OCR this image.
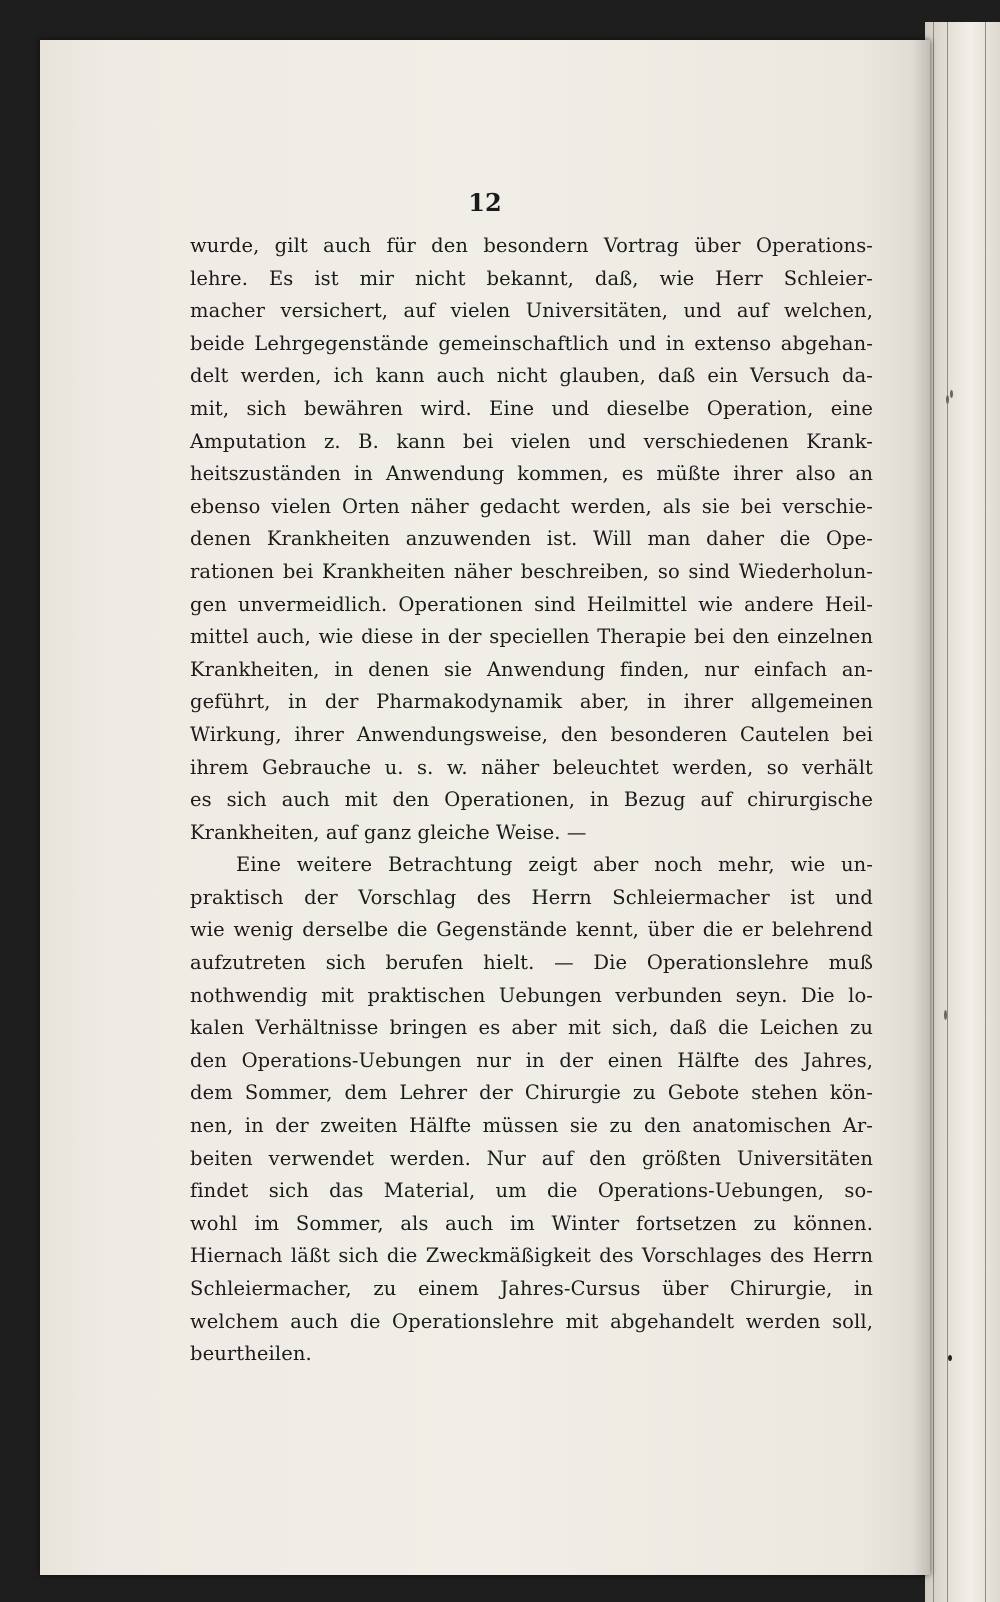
12
wurde, gilt auch für den besondern Vortrag über Operations-
lehre. Es ist mir nicht bekannt, daß, wie Herr Schleier-
macher versichert, auf vielen Universitäten, und auf welchen,
beide Lehrgegenstände gemeinschaftlich und in extenso abgehan-
delt werden, ich kann auch nicht glauben, daß ein Versuch da-
mit, sich bewähren wird. Eine und dieselbe Operation, eine
Amputation z. B. kann bei vielen und verschiedenen Krank-
heitszuständen in Anwendung kommen, es müßte ihrer also an
ebenso vielen Orten näher gedacht werden, als sie bei verschie-
denen Krankheiten anzuwenden ist. Will man daher die Ope-
rationen bei Krankheiten näher beschreiben, so sind Wiederholun-
gen unvermeidlich. Operationen sind Heilmittel wie andere Heil-
mittel auch, wie diese in der speciellen Therapie bei den einzelnen
Krankheiten, in denen sie Anwendung finden, nur einfach an-
geführt, in der Pharmakodynamik aber, in ihrer allgemeinen
Wirkung, ihrer Anwendungsweise, den besonderen Cautelen bei
ihrem Gebrauche u. s. w. näher beleuchtet werden, so verhält
es sich auch mit den Operationen, in Bezug auf chirurgische
Krankheiten, auf ganz gleiche Weise. —
Eine weitere Betrachtung zeigt aber noch mehr, wie un-
praktisch der Vorschlag des Herrn Schleiermacher ist und
wie wenig derselbe die Gegenstände kennt, über die er belehrend
aufzutreten sich berufen hielt. — Die Operationslehre muß
nothwendig mit praktischen Uebungen verbunden seyn. Die lo-
kalen Verhältnisse bringen es aber mit sich, daß die Leichen zu
den Operations-Uebungen nur in der einen Hälfte des Jahres,
dem Sommer, dem Lehrer der Chirurgie zu Gebote stehen kön-
nen, in der zweiten Hälfte müssen sie zu den anatomischen Ar-
beiten verwendet werden. Nur auf den größten Universitäten
findet sich das Material, um die Operations-Uebungen, so-
wohl im Sommer, als auch im Winter fortsetzen zu können.
Hiernach läßt sich die Zweckmäßigkeit des Vorschlages des Herrn
Schleiermacher, zu einem Jahres-Cursus über Chirurgie, in
welchem auch die Operationslehre mit abgehandelt werden soll,
beurtheilen.
